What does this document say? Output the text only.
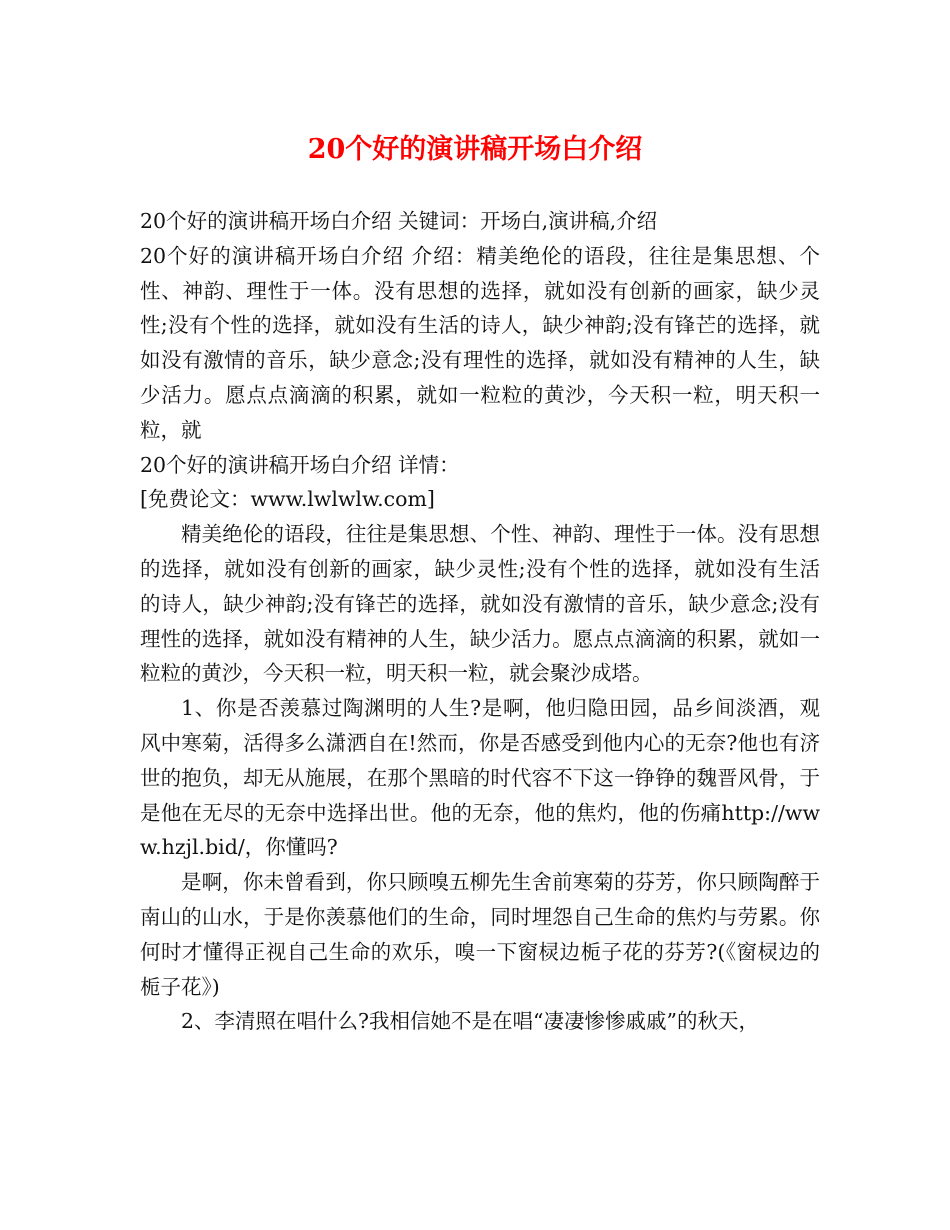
20个好的演讲稿开场白介绍

20个好的演讲稿开场白介绍 关键词：开场白,演讲稿,介绍

20个好的演讲稿开场白介绍 介绍：精美绝伦的语段，往往是集思想、个性、神韵、理性于一体。没有思想的选择，就如没有创新的画家，缺少灵性;没有个性的选择，就如没有生活的诗人，缺少神韵;没有锋芒的选择，就如没有激情的音乐，缺少意念;没有理性的选择，就如没有精神的人生，缺少活力。愿点点滴滴的积累，就如一粒粒的黄沙，今天积一粒，明天积一粒，就

20个好的演讲稿开场白介绍 详情：

[免费论文：www.lwlwlw.com]

精美绝伦的语段，往往是集思想、个性、神韵、理性于一体。没有思想的选择，就如没有创新的画家，缺少灵性;没有个性的选择，就如没有生活的诗人，缺少神韵;没有锋芒的选择，就如没有激情的音乐，缺少意念;没有理性的选择，就如没有精神的人生，缺少活力。愿点点滴滴的积累，就如一粒粒的黄沙，今天积一粒，明天积一粒，就会聚沙成塔。

1、你是否羡慕过陶渊明的人生?是啊，他归隐田园，品乡间淡酒，观风中寒菊，活得多么潇洒自在!然而，你是否感受到他内心的无奈?他也有济世的抱负，却无从施展，在那个黑暗的时代容不下这一铮铮的魏晋风骨，于是他在无尽的无奈中选择出世。他的无奈，他的焦灼，他的伤痛http://www.hzjl.bid/，你懂吗?

是啊，你未曾看到，你只顾嗅五柳先生舍前寒菊的芬芳，你只顾陶醉于南山的山水，于是你羡慕他们的生命，同时埋怨自己生命的焦灼与劳累。你何时才懂得正视自己生命的欢乐，嗅一下窗棂边栀子花的芬芳?(《窗棂边的栀子花》)

2、李清照在唱什么?我相信她不是在唱“凄凄惨惨戚戚”的秋天，
